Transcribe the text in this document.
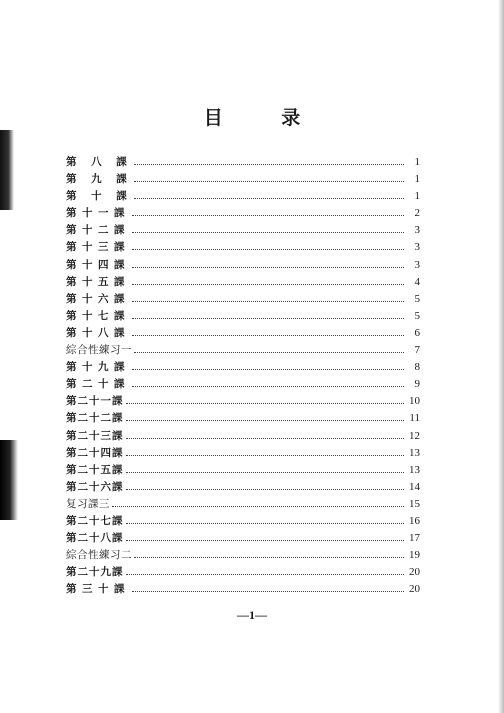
目 录
第 八 課	1
第 九 課	1
第 十 課	1
第十一課	2
第十二課	3
第十三課	3
第十四課	3
第十五課	4
第十六課	5
第十七課	5
第十八課	6
綜合性練习一	7
第十九課	8
第二十課	9
第二十一課	10
第二十二課	11
第二十三課	12
第二十四課	13
第二十五課	13
第二十六課	14
复习課三	15
第二十七課	16
第二十八課	17
綜合性練习二	19
第二十九課	20
第三十課	20
—1—
